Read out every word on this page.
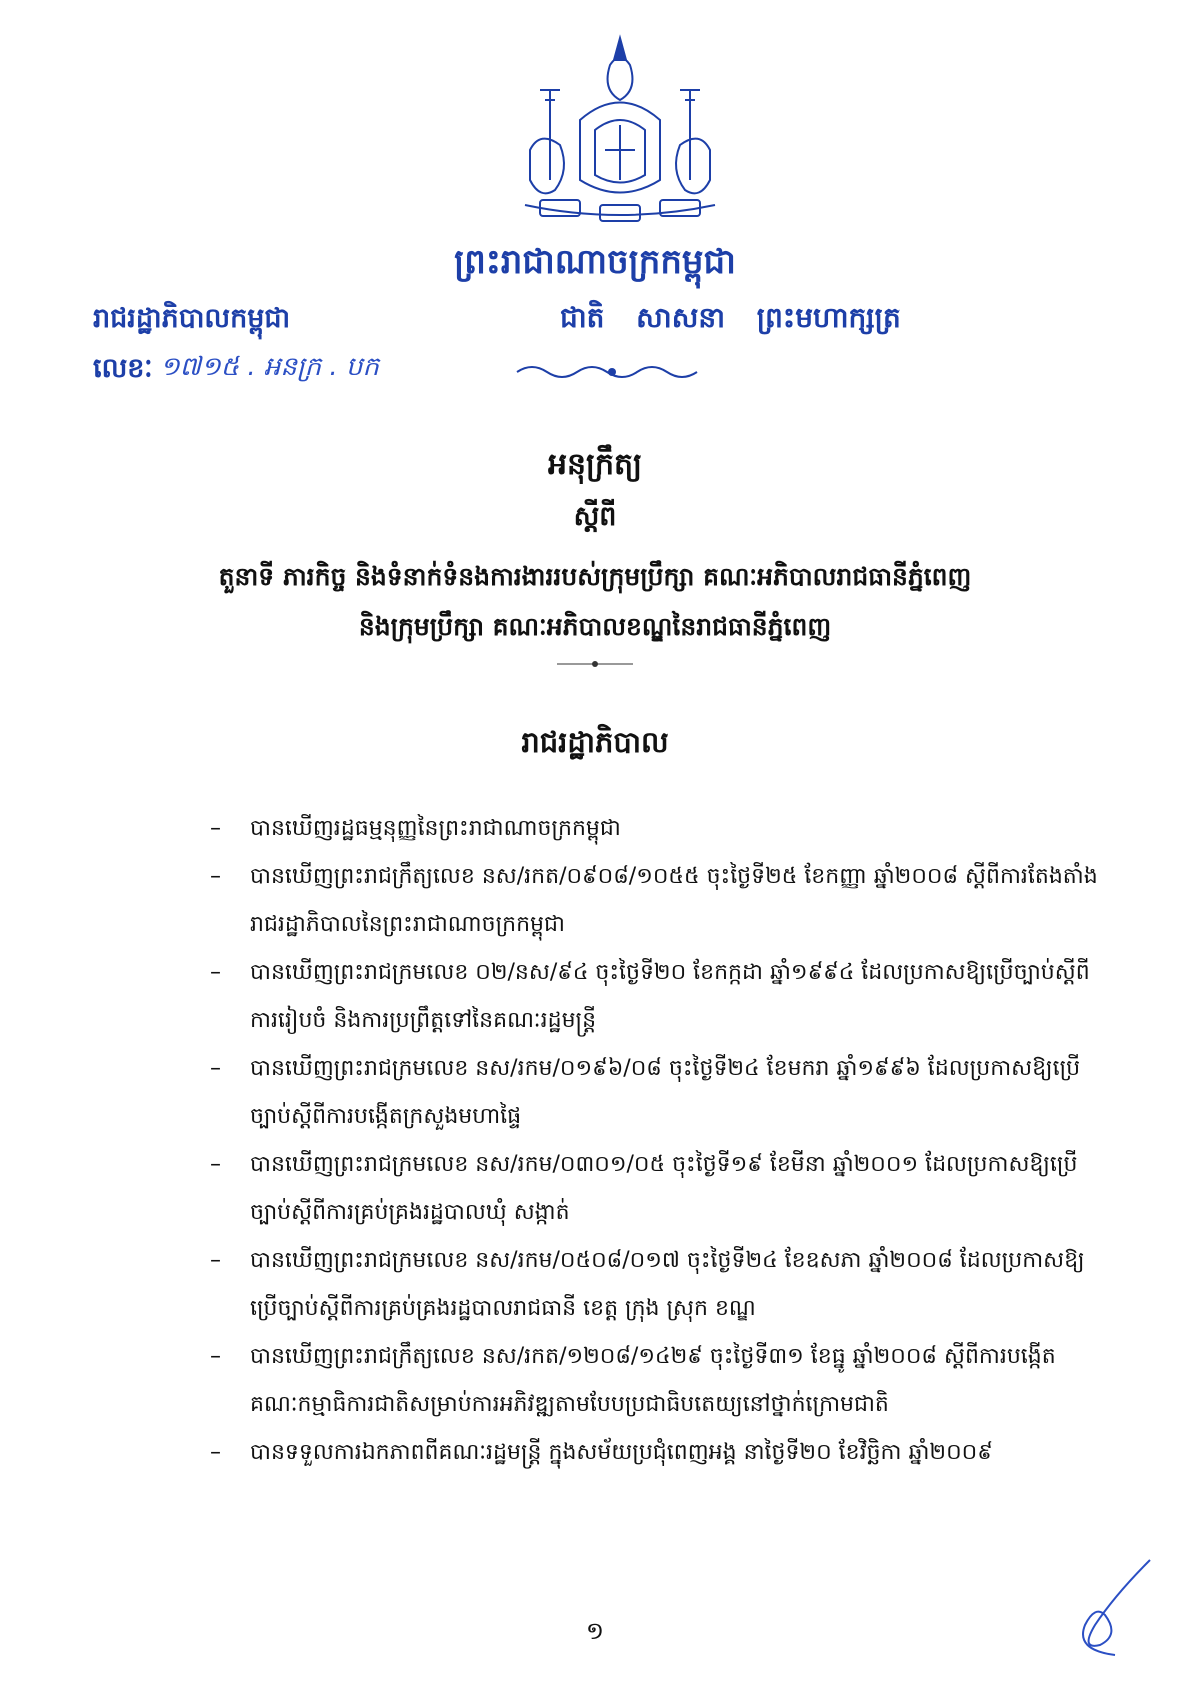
ព្រះរាជាណាចក្រកម្ពុជា
រាជរដ្ឋាភិបាលកម្ពុជា	ជាតិ សាសនា ព្រះមហាក្សត្រ
លេខៈ ១៧១៥ . អនក្រ . បក
អនុក្រឹត្យ
ស្តីពី
តួនាទី ភារកិច្ច និងទំនាក់ទំនងការងាររបស់ក្រុមប្រឹក្សា គណៈអភិបាលរាជធានីភ្នំពេញ
និងក្រុមប្រឹក្សា គណៈអភិបាលខណ្ឌនៃរាជធានីភ្នំពេញ
រាជរដ្ឋាភិបាល
– បានឃើញរដ្ឋធម្មនុញ្ញនៃព្រះរាជាណាចក្រកម្ពុជា
– បានឃើញព្រះរាជក្រឹត្យលេខ នស/រកត/០៩០៨/១០៥៥ ចុះថ្ងៃទី២៥ ខែកញ្ញា ឆ្នាំ២០០៨ ស្តីពីការតែងតាំងរាជរដ្ឋាភិបាលនៃព្រះរាជាណាចក្រកម្ពុជា
– បានឃើញព្រះរាជក្រមលេខ ០២/នស/៩៤ ចុះថ្ងៃទី២០ ខែកក្កដា ឆ្នាំ១៩៩៤ ដែលប្រកាសឱ្យប្រើច្បាប់ស្តីពីការរៀបចំ និងការប្រព្រឹត្តទៅនៃគណៈរដ្ឋមន្ត្រី
– បានឃើញព្រះរាជក្រមលេខ នស/រកម/០១៩៦/០៨ ចុះថ្ងៃទី២៤ ខែមករា ឆ្នាំ១៩៩៦ ដែលប្រកាសឱ្យប្រើច្បាប់ស្តីពីការបង្កើតក្រសួងមហាផ្ទៃ
– បានឃើញព្រះរាជក្រមលេខ នស/រកម/០៣០១/០៥ ចុះថ្ងៃទី១៩ ខែមីនា ឆ្នាំ២០០១ ដែលប្រកាសឱ្យប្រើច្បាប់ស្តីពីការគ្រប់គ្រងរដ្ឋបាលឃុំ សង្កាត់
– បានឃើញព្រះរាជក្រមលេខ នស/រកម/០៥០៨/០១៧ ចុះថ្ងៃទី២៤ ខែឧសភា ឆ្នាំ២០០៨ ដែលប្រកាសឱ្យប្រើច្បាប់ស្តីពីការគ្រប់គ្រងរដ្ឋបាលរាជធានី ខេត្ត ក្រុង ស្រុក ខណ្ឌ
– បានឃើញព្រះរាជក្រឹត្យលេខ នស/រកត/១២០៨/១៤២៩ ចុះថ្ងៃទី៣១ ខែធ្នូ ឆ្នាំ២០០៨ ស្តីពីការបង្កើតគណៈកម្មាធិការជាតិសម្រាប់ការអភិវឌ្ឍតាមបែបប្រជាធិបតេយ្យនៅថ្នាក់ក្រោមជាតិ
– បានទទួលការឯកភាពពីគណៈរដ្ឋមន្ត្រី ក្នុងសម័យប្រជុំពេញអង្គ នាថ្ងៃទី២០ ខែវិច្ឆិកា ឆ្នាំ២០០៩
១
